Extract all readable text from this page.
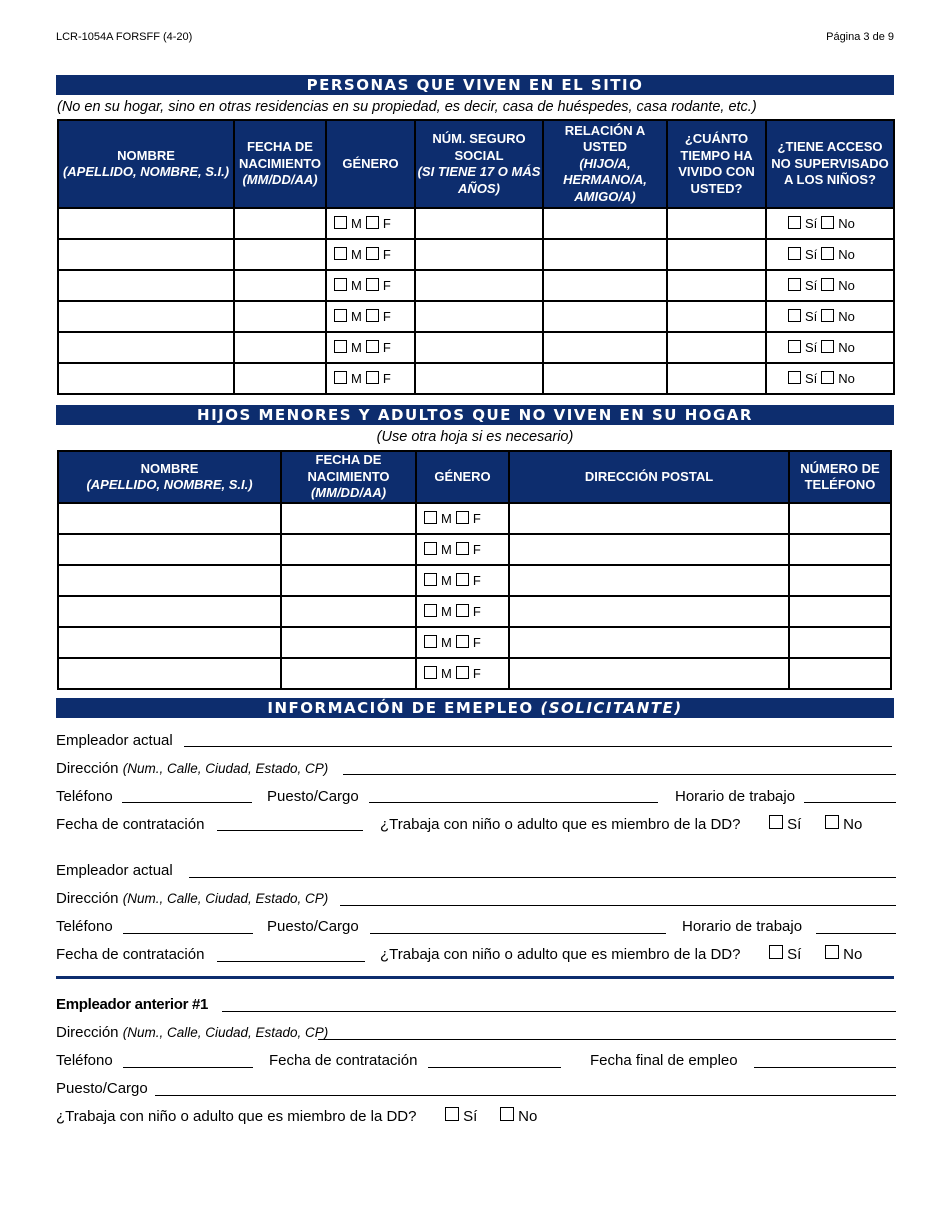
LCR-1054A FORSFF (4-20)	Página 3 de 9
PERSONAS QUE VIVEN EN EL SITIO
(No en su hogar, sino en otras residencias en su propiedad, es decir, casa de huéspedes, casa rodante, etc.)
NOMBRE
(APELLIDO, NOMBRE, S.I.)	FECHA DE NACIMIENTO
(MM/DD/AA)	GÉNERO	NÚM. SEGURO SOCIAL
(SI TIENE 17 O MÁS AÑOS)	RELACIÓN A USTED
(HIJO/A, HERMANO/A, AMIGO/A)	¿CUÁNTO TIEMPO HA VIVIDO CON USTED?	¿TIENE ACCESO NO SUPERVISADO A LOS NIÑOS?
		M F				Sí No
		M F				Sí No
		M F				Sí No
		M F				Sí No
		M F				Sí No
		M F				Sí No
HIJOS MENORES Y ADULTOS QUE NO VIVEN EN SU HOGAR
(Use otra hoja si es necesario)
NOMBRE
(APELLIDO, NOMBRE, S.I.)	FECHA DE NACIMIENTO
(MM/DD/AA)	GÉNERO	DIRECCIÓN POSTAL	NÚMERO DE TELÉFONO
		M F		
		M F		
		M F		
		M F		
		M F		
		M F		
INFORMACIÓN DE EMEPLEO (SOLICITANTE)
Empleador actual
Dirección (Num., Calle, Ciudad, Estado, CP)
Teléfono	Puesto/Cargo	Horario de trabajo
Fecha de contratación	¿Trabaja con niño o adulto que es miembro de la DD?	Sí	No
Empleador actual
Dirección (Num., Calle, Ciudad, Estado, CP)
Teléfono	Puesto/Cargo	Horario de trabajo
Fecha de contratación	¿Trabaja con niño o adulto que es miembro de la DD?	Sí	No
Empleador anterior #1
Dirección (Num., Calle, Ciudad, Estado, CP)
Teléfono	Fecha de contratación	Fecha final de empleo
Puesto/Cargo
¿Trabaja con niño o adulto que es miembro de la DD?	Sí	No
